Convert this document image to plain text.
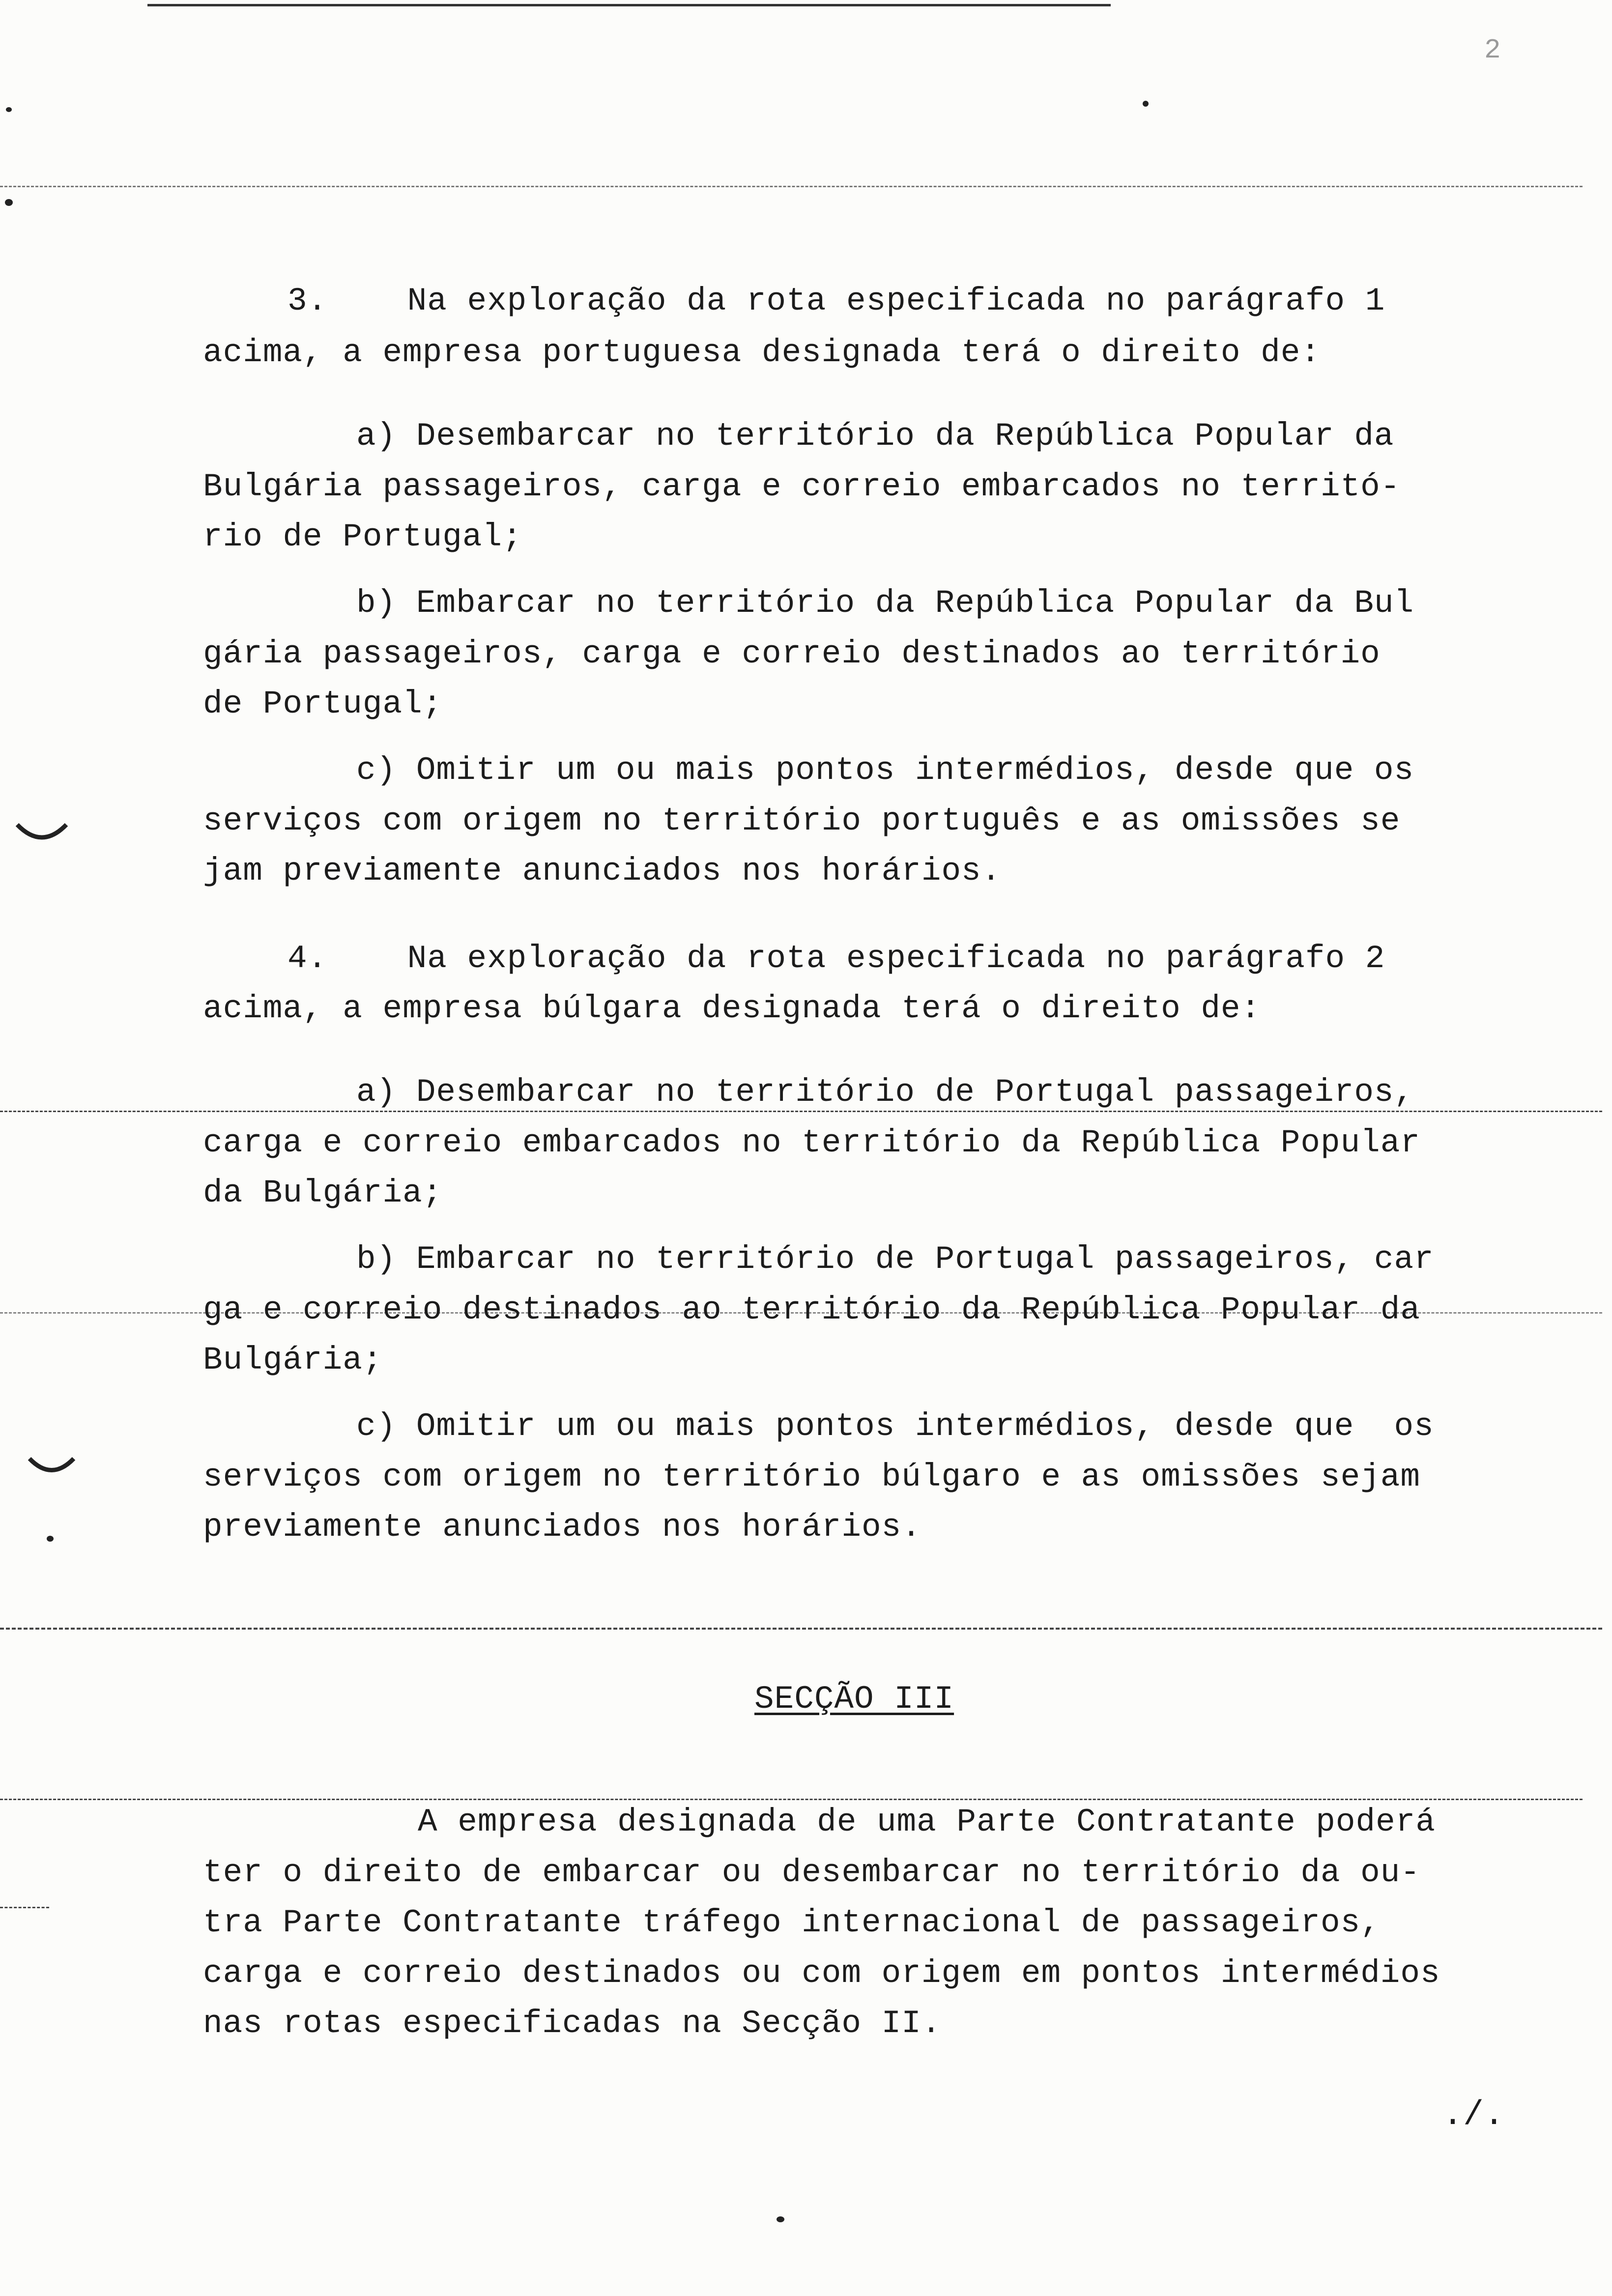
2
3.    Na exploração da rota especificada no parágrafo 1
acima, a empresa portuguesa designada terá o direito de:
a) Desembarcar no território da República Popular da
Bulgária passageiros, carga e correio embarcados no territó-
rio de Portugal;
b) Embarcar no território da República Popular da Bul
gária passageiros, carga e correio destinados ao território
de Portugal;
c) Omitir um ou mais pontos intermédios, desde que os
serviços com origem no território português e as omissões se
jam previamente anunciados nos horários.
4.    Na exploração da rota especificada no parágrafo 2
acima, a empresa búlgara designada terá o direito de:
a) Desembarcar no território de Portugal passageiros,
carga e correio embarcados no território da República Popular
da Bulgária;
b) Embarcar no território de Portugal passageiros, car
ga e correio destinados ao território da República Popular da
Bulgária;
c) Omitir um ou mais pontos intermédios, desde que  os
serviços com origem no território búlgaro e as omissões sejam
previamente anunciados nos horários.
SECÇÃO III
A empresa designada de uma Parte Contratante poderá
ter o direito de embarcar ou desembarcar no território da ou-
tra Parte Contratante tráfego internacional de passageiros,
carga e correio destinados ou com origem em pontos intermédios
nas rotas especificadas na Secção II.
./.
